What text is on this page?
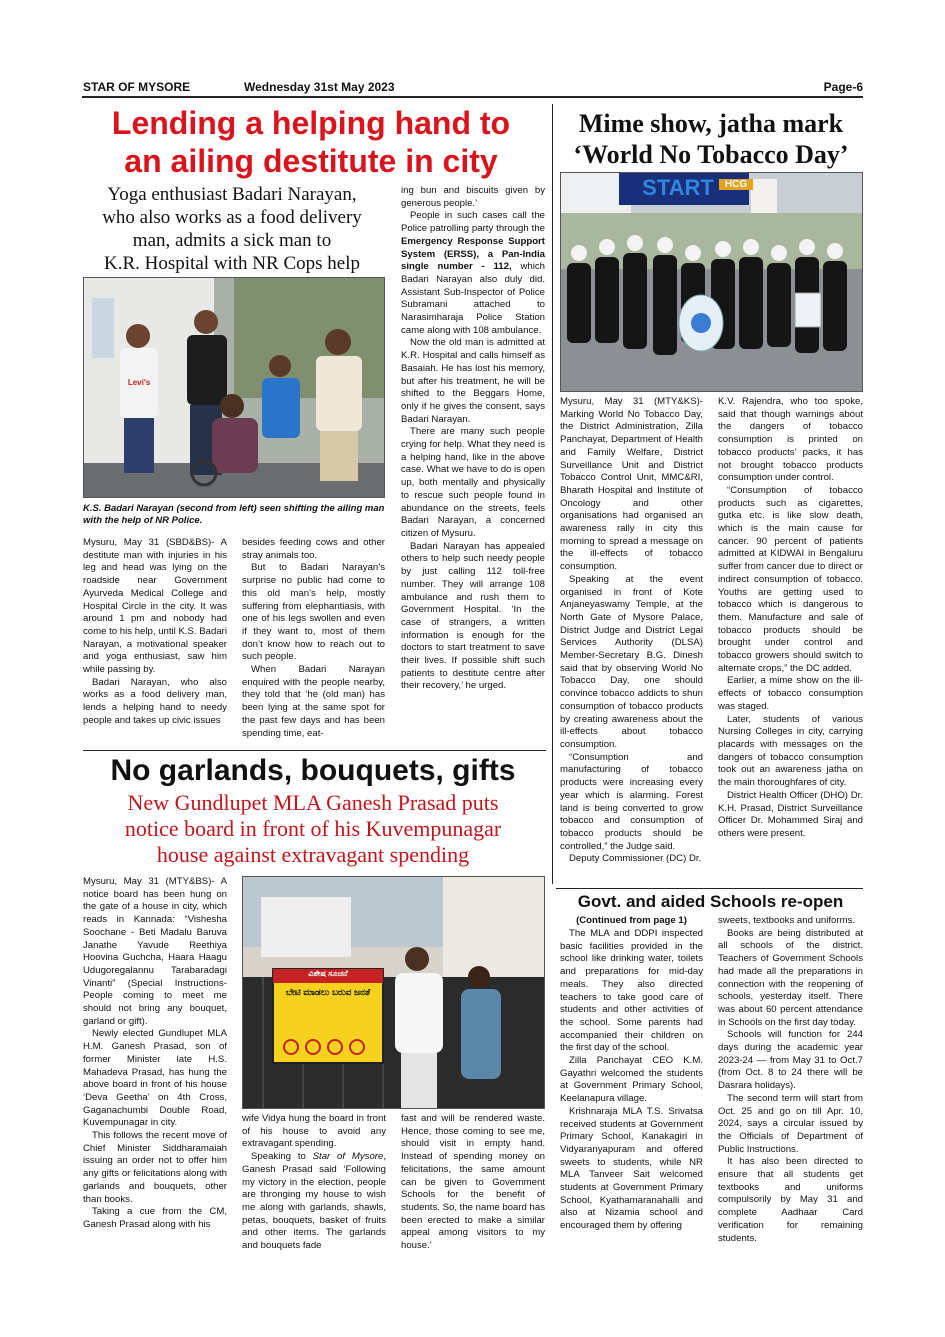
STAR OF MYSORE	Wednesday 31st May 2023	Page-6
Lending a helping hand to
an ailing destitute in city
Yoga enthusiast Badari Narayan,
who also works as a food delivery
man, admits a sick man to
K.R. Hospital with NR Cops help
Levi's
K.S. Badari Narayan (second from left) seen shifting the ailing man with the help of NR Police.

Mysuru, May 31 (SBD&BS)- A destitute man with injuries in his leg and head was lying on the roadside near Government Ayurveda Medical College and Hospital Circle in the city. It was around 1 pm and nobody had come to his help, until K.S. Badari Narayan, a motivational speaker and yoga enthusiast, saw him while passing by.

Badari Narayan, who also works as a food delivery man, lends a helping hand to needy people and takes up civic issues

besides feeding cows and other stray animals too.

But to Badari Narayan’s surprise no public had come to this old man’s help, mostly suffering from elephantiasis, with one of his legs swollen and even if they want to, most of them don’t know how to reach out to such people.

When Badari Narayan enquired with the people nearby, they told that ‘he (old man) has been lying at the same spot for the past few days and has been spending time, eat-

ing bun and biscuits given by generous people.’

People in such cases call the Police patrolling party through the Emergency Response Support System (ERSS), a Pan-India single number - 112, which Badari Narayan also duly did. Assistant Sub-Inspector of Police Subramani attached to Narasimharaja Police Station came along with 108 ambulance.

Now the old man is admitted at K.R. Hospital and calls himself as Basaiah. He has lost his memory, but after his treatment, he will be shifted to the Beggars Home, only if he gives the consent, says Badari Narayan.

There are many such people crying for help. What they need is a helping hand, like in the above case. What we have to do is open up, both mentally and physically to rescue such people found in abundance on the streets, feels Badari Narayan, a concerned citizen of Mysuru.

Badari Narayan has appealed others to help such needy people by just calling 112 toll-free number. They will arrange 108 ambulance and rush them to Government Hospital. ‘In the case of strangers, a written information is enough for the doctors to start treatment to save their lives. If possible shift such patients to destitute centre after their recovery,’ he urged.

Mime show, jatha mark
‘World No Tobacco Day’
START	HCG

Mysuru, May 31 (MTY&KS)- Marking World No Tobacco Day, the District Administration, Zilla Panchayat, Department of Health and Family Welfare, District Surveillance Unit and District Tobacco Control Unit, MMC&RI, Bharath Hospital and Institute of Oncology and other organisations had organised an awareness rally in city this morning to spread a message on the ill-effects of tobacco consumption.

Speaking at the event organised in front of Kote Anjaneyaswamy Temple, at the North Gate of Mysore Palace, District Judge and District Legal Services Authority (DLSA) Member-Secretary B.G. Dinesh said that by observing World No Tobacco Day, one should convince tobacco addicts to shun consumption of tobacco products by creating awareness about the ill-effects about tobacco consumption.

“Consumption and manufacturing of tobacco products were increasing every year which is alarming. Forest land is being converted to grow tobacco and consumption of tobacco products should be controlled,” the Judge said.

Deputy Commissioner (DC) Dr.

K.V. Rajendra, who too spoke, said that though warnings about the dangers of tobacco consumption is printed on tobacco products’ packs, it has not brought tobacco products consumption under control.

“Consumption of tobacco products such as cigarettes, gutka etc. is like slow death, which is the main cause for cancer. 90 percent of patients admitted at KIDWAI in Bengaluru suffer from cancer due to direct or indirect consumption of tobacco. Youths are getting used to tobacco which is dangerous to them. Manufacture and sale of tobacco products should be brought under control and tobacco growers should switch to alternate crops,” the DC added.

Earlier, a mime show on the ill-effects of tobacco consumption was staged.

Later, students of various Nursing Colleges in city, carrying placards with messages on the dangers of tobacco consumption took out an awareness jatha on the main thoroughfares of city.

District Health Officer (DHO) Dr. K.H. Prasad, District Surveillance Officer Dr. Mohammed Siraj and others were present.

No garlands, bouquets, gifts
New Gundlupet MLA Ganesh Prasad puts
notice board in front of his Kuvempunagar
house against extravagant spending
ವಿಶೇಷ ಸೂಚನೆ
ಬೇಟಿ ಮಾಡಲು ಬರುವ ಜನತೆ

Mysuru, May 31 (MTY&BS)- A notice board has been hung on the gate of a house in city, which reads in Kannada: “Vishesha Soochane - Beti Madalu Baruva Janathe Yavude Reethiya Hoovina Guchcha, Haara Haagu Udugoregalannu Tarabaradagi Vinanti” (Special Instructions-People coming to meet me should not bring any bouquet, garland or gift).

Newly elected Gundlupet MLA H.M. Ganesh Prasad, son of former Minister late H.S. Mahadeva Prasad, has hung the above board in front of his house ‘Deva Geetha’ on 4th Cross, Gaganachumbi Double Road, Kuvempunagar in city.

This follows the recent move of Chief Minister Siddharamaiah issuing an order not to offer him any gifts or felicitations along with garlands and bouquets, other than books.

Taking a cue from the CM, Ganesh Prasad along with his

wife Vidya hung the board in front of his house to avoid any extravagant spending.

Speaking to Star of Mysore, Ganesh Prasad said ‘Following my victory in the election, people are thronging my house to wish me along with garlands, shawls, petas, bouquets, basket of fruits and other items. The garlands and bouquets fade

fast and will be rendered waste. Hence, those coming to see me, should visit in empty hand. Instead of spending money on felicitations, the same amount can be given to Government Schools for the benefit of students. So, the name board has been erected to make a similar appeal among visitors to my house.’

Govt. and aided Schools re-open
(Continued from page 1)

The MLA and DDPI inspected basic facilities provided in the school like drinking water, toilets and preparations for mid-day meals. They also directed teachers to take good care of students and other activities of the school. Some parents had accompanied their children on the first day of the school.

Zilla Panchayat CEO K.M. Gayathri welcomed the students at Government Primary School, Keelanapura village.

Krishnaraja MLA T.S. Srivatsa received students at Government Primary School, Kanakagiri in Vidyaranyapuram and offered sweets to students, while NR MLA Tanveer Sait welcomed students at Government Primary School, Kyathamaranahalli and also at Nizamia school and encouraged them by offering

sweets, textbooks and uniforms.

Books are being distributed at all schools of the district. Teachers of Government Schools had made all the preparations in connection with the reopening of schools, yesterday itself. There was about 60 percent attendance in Schools on the first day today.

Schools will function for 244 days during the academic year 2023-24 — from May 31 to Oct.7 (from Oct. 8 to 24 there will be Dasrara holidays).

The second term will start from Oct. 25 and go on till Apr. 10, 2024, says a circular issued by the Officials of Department of Public Instructions.

It has also been directed to ensure that all students get textbooks and uniforms compulsorily by May 31 and complete Aadhaar Card verification for remaining students.
